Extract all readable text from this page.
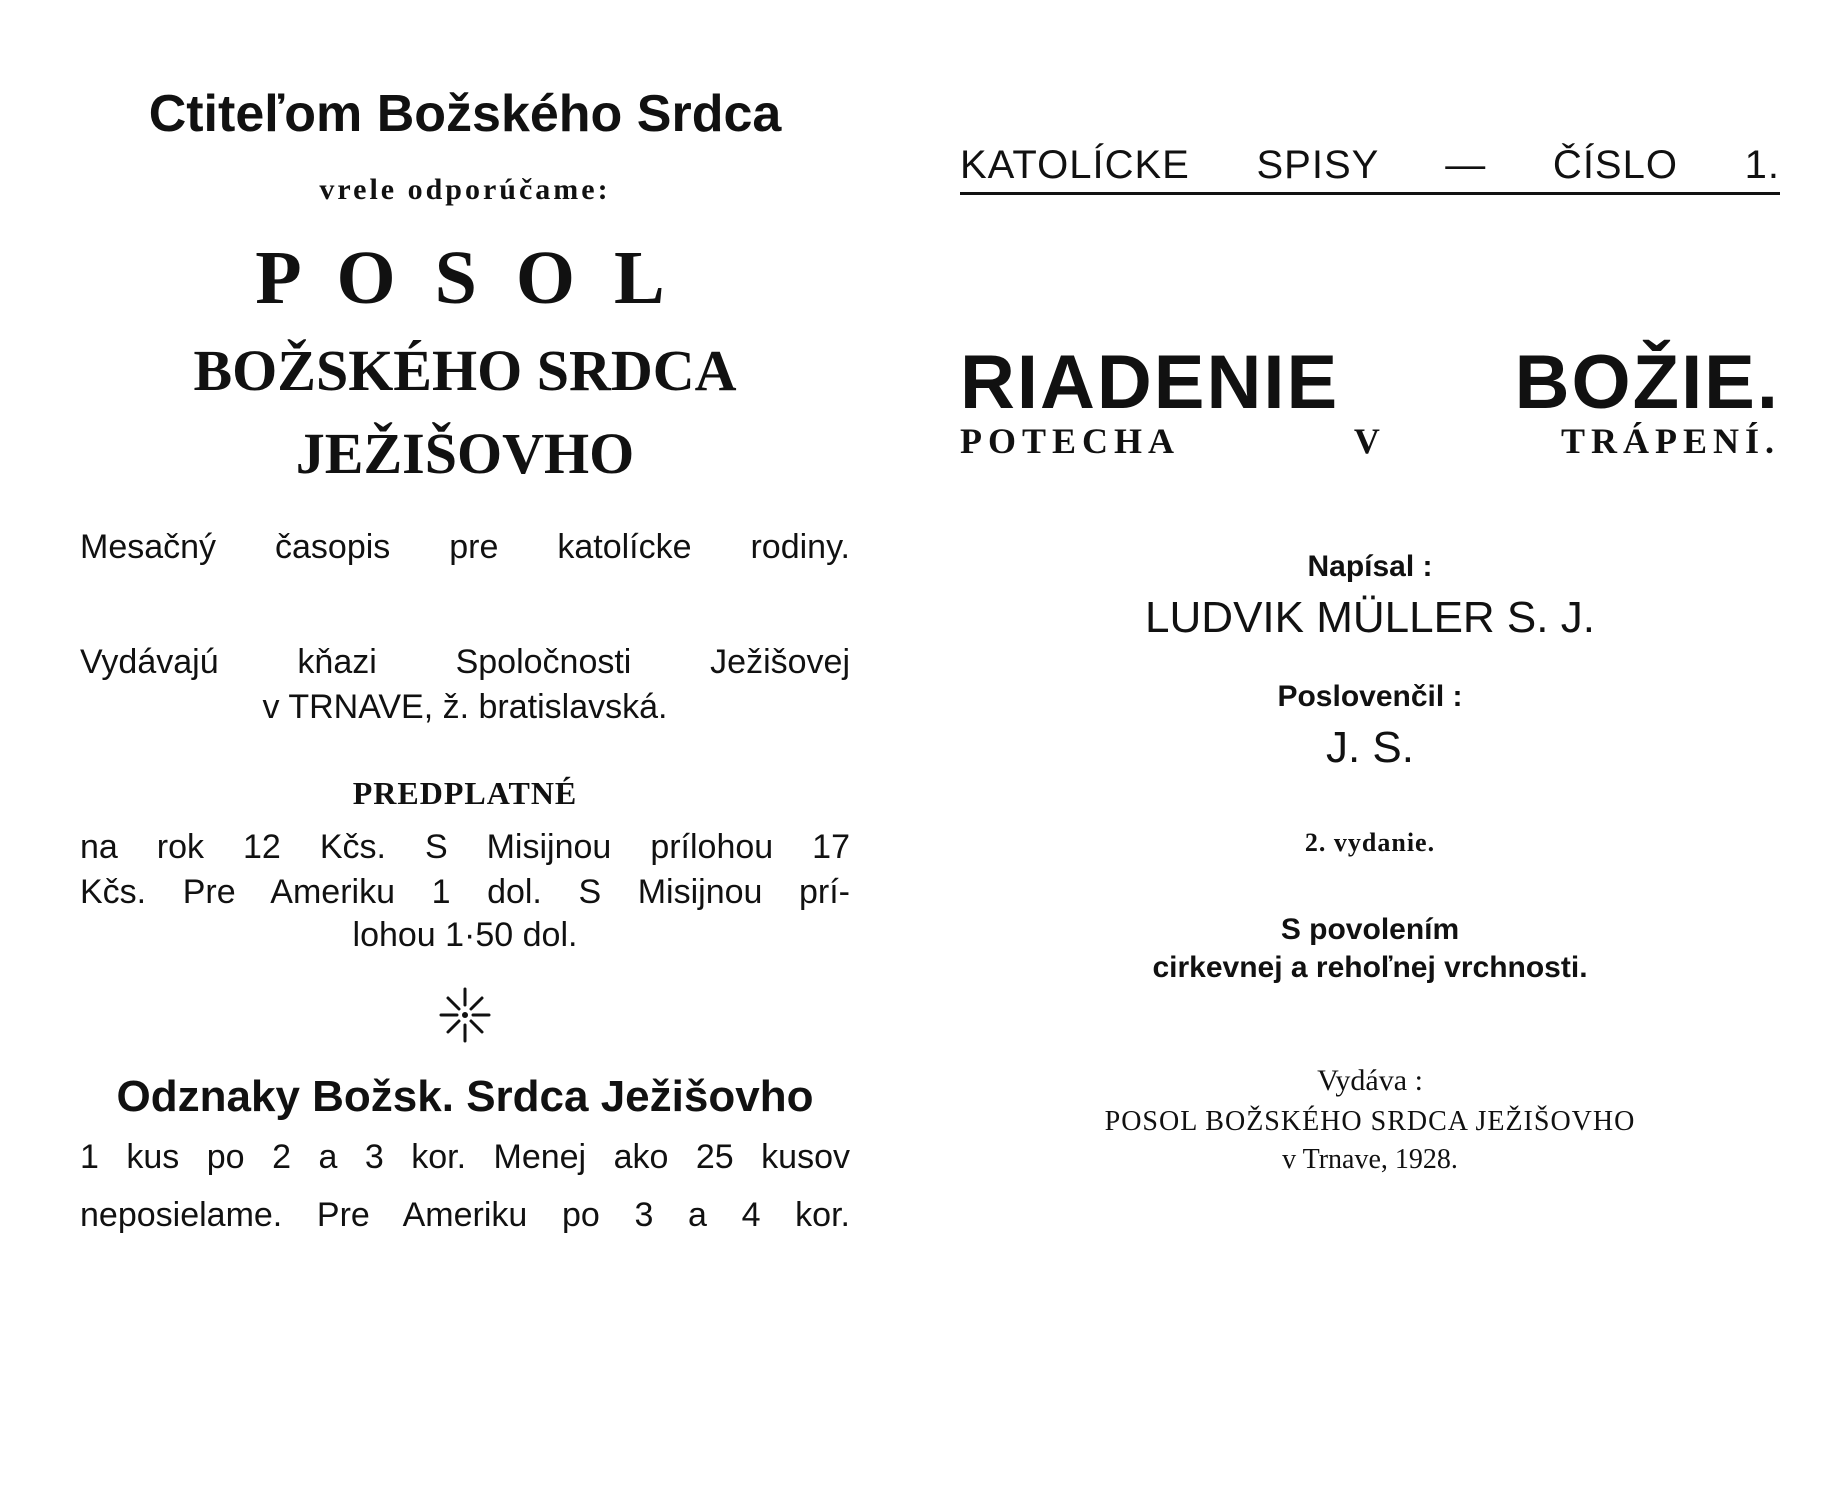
Ctiteľom Božského Srdca
vrele odporúčame:
P O S O L
BOŽSKÉHO SRDCA
JEŽIŠOVHO
Mesačný časopis pre katolícke rodiny.
Vydávajú kňazi Spoločnosti Ježišovej
v TRNAVE, ž. bratislavská.
PREDPLATNÉ
na rok 12 Kčs. S Misijnou prílohou 17
Kčs. Pre Ameriku 1 dol. S Misijnou prí-
lohou 1·50 dol.
Odznaky Božsk. Srdca Ježišovho
1 kus po 2 a 3 kor. Menej ako 25 kusov
neposielame. Pre Ameriku po 3 a 4 kor.
KATOLÍCKE SPISY — ČÍSLO 1.
RIADENIE BOŽIE.
POTECHA V TRÁPENÍ.
Napísal :
LUDVIK MÜLLER S. J.
Poslovenčil :
J. S.
2. vydanie.
S povolením
cirkevnej a rehoľnej vrchnosti.
Vydáva :
POSOL BOŽSKÉHO SRDCA JEŽIŠOVHO
v Trnave, 1928.
